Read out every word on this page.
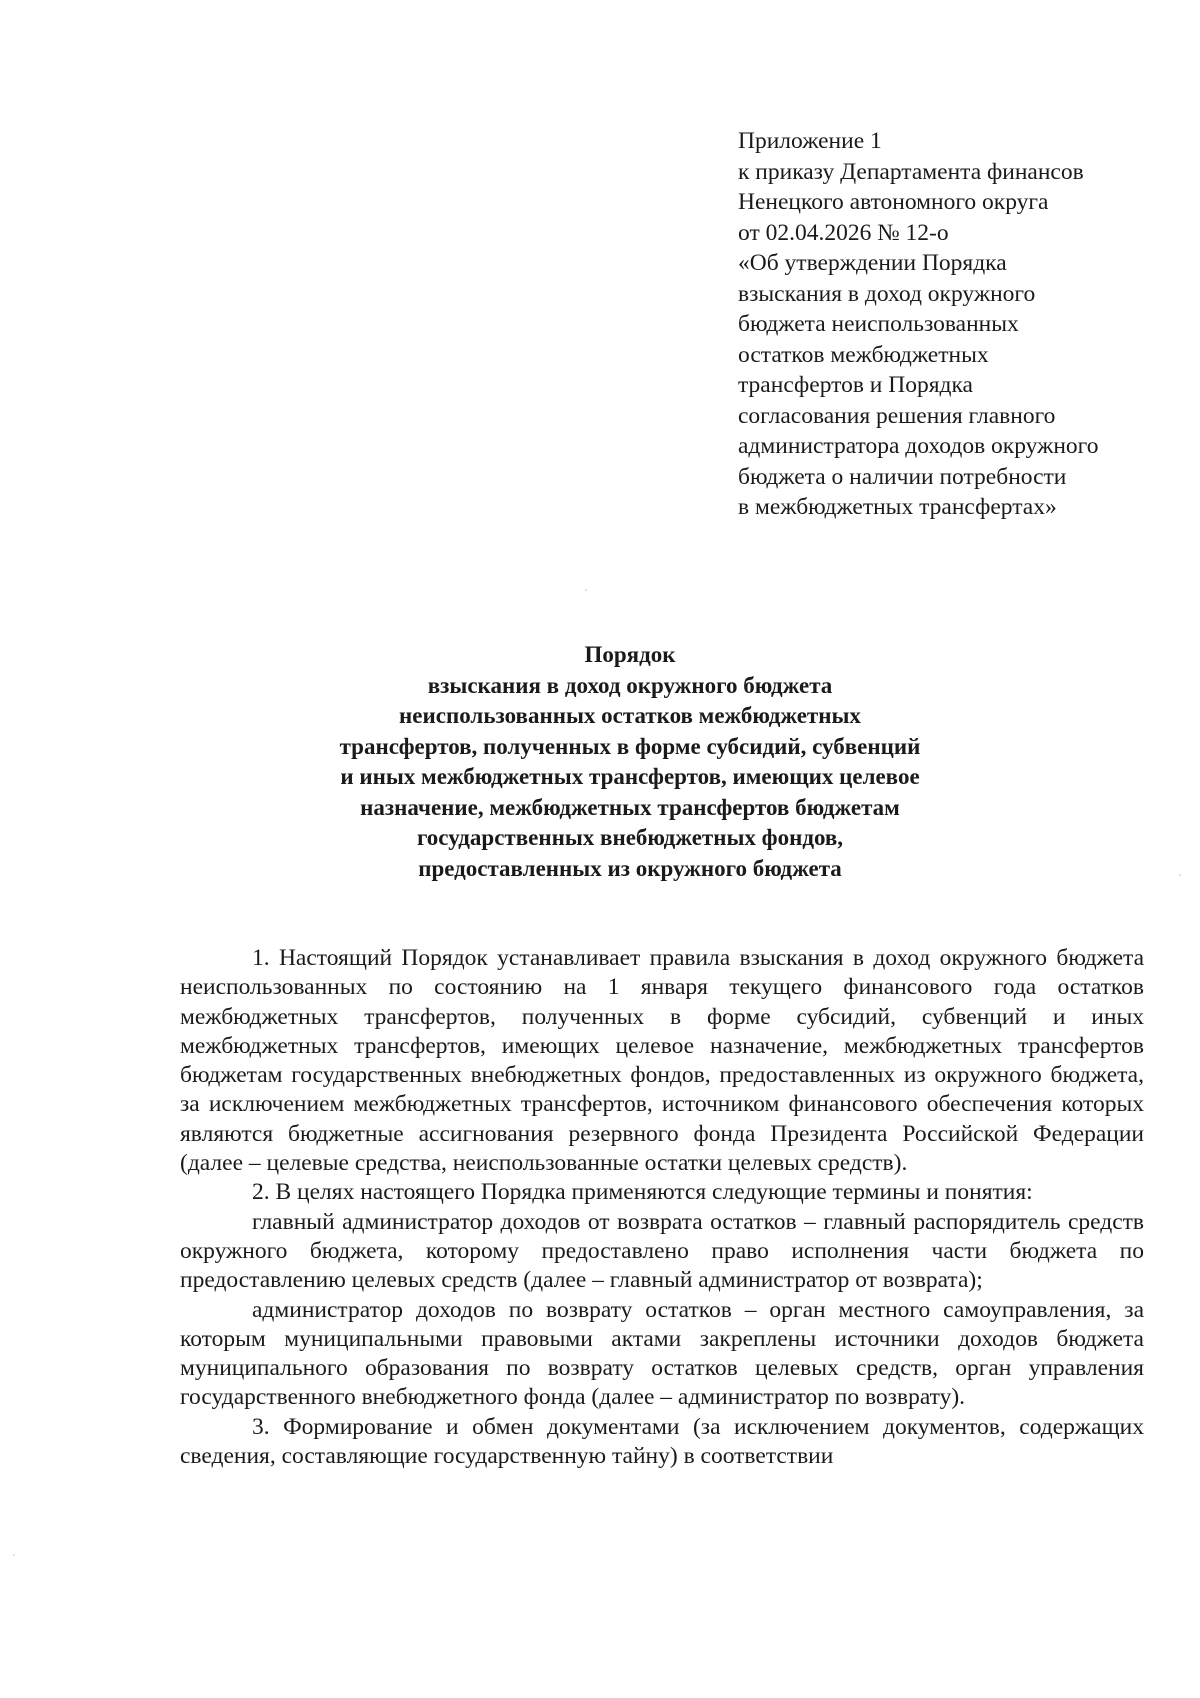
Приложение 1
к приказу Департамента финансов
Ненецкого автономного округа
от 02.04.2026 № 12-о
«Об утверждении Порядка
взыскания в доход окружного
бюджета неиспользованных
остатков межбюджетных
трансфертов и Порядка
согласования решения главного
администратора доходов окружного
бюджета о наличии потребности
в межбюджетных трансфертах»
Порядок
взыскания в доход окружного бюджета
неиспользованных остатков межбюджетных
трансфертов, полученных в форме субсидий, субвенций
и иных межбюджетных трансфертов, имеющих целевое
назначение, межбюджетных трансфертов бюджетам
государственных внебюджетных фондов,
предоставленных из окружного бюджета

1. Настоящий Порядок устанавливает правила взыскания в доход окружного бюджета неиспользованных по состоянию на 1 января текущего финансового года остатков межбюджетных трансфертов, полученных в форме субсидий, субвенций и иных межбюджетных трансфертов, имеющих целевое назначение, межбюджетных трансфертов бюджетам государственных внебюджетных фондов, предоставленных из окружного бюджета, за исключением межбюджетных трансфертов, источником финансового обеспечения которых являются бюджетные ассигнования резервного фонда Президента Российской Федерации (далее – целевые средства, неиспользованные остатки целевых средств).

2. В целях настоящего Порядка применяются следующие термины и понятия:

главный администратор доходов от возврата остатков – главный распорядитель средств окружного бюджета, которому предоставлено право исполнения части бюджета по предоставлению целевых средств (далее – главный администратор от возврата);

администратор доходов по возврату остатков – орган местного самоуправления, за которым муниципальными правовыми актами закреплены источники доходов бюджета муниципального образования по возврату остатков целевых средств, орган управления государственного внебюджетного фонда (далее – администратор по возврату).

3. Формирование и обмен документами (за исключением документов, содержащих сведения, составляющие государственную тайну) в соответствии
